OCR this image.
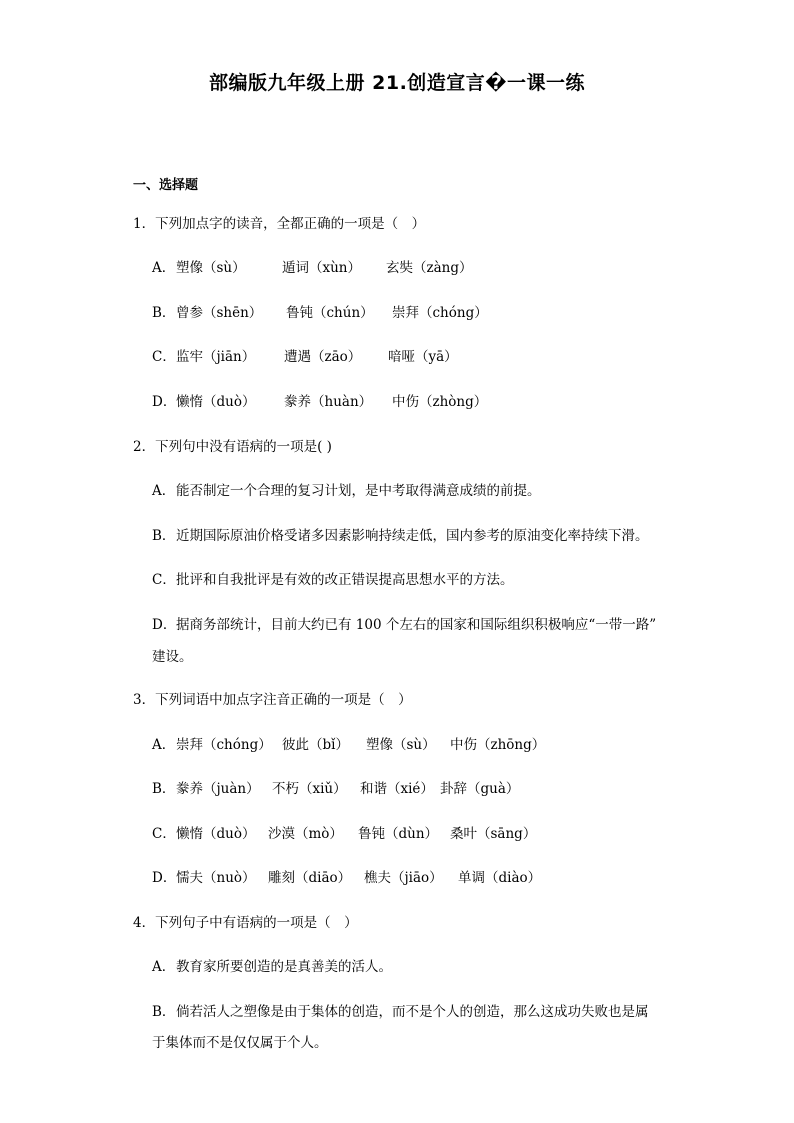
部编版九年级上册 21.创造宣言�一课一练
一、选择题
1．下列加点字的读音，全都正确的一项是（　）
A． 塑像（sù）	遁词（xùn） 玄奘（zàng）
B． 曾参（shēn） 鲁钝（chún） 崇拜（chóng）
C． 监牢（jiān） 遭遇（zāo） 喑哑（yā）
D． 懒惰（duò） 豢养（huàn） 中伤（zhòng）
2．下列句中没有语病的一项是( )
A． 能否制定一个合理的复习计划，是中考取得满意成绩的前提。
B． 近期国际原油价格受诸多因素影响持续走低，国内参考的原油变化率持续下滑。
C． 批评和自我批评是有效的改正错误提高思想水平的方法。
D． 据商务部统计，目前大约已有 100 个左右的国家和国际组织积极响应“一带一路”
建设。
3．下列词语中加点字注音正确的一项是（　）
A． 崇拜（chóng） 彼此（bǐ） 塑像（sù） 中伤（zhōng）
B． 豢养（juàn） 不朽（xiǔ） 和谐（xié） 卦辞（guà）
C． 懒惰（duò） 沙漠（mò） 鲁钝（dùn） 桑叶（sāng）
D． 懦夫（nuò） 雕刻（diāo） 樵夫（jiāo） 单调（diào）
4．下列句子中有语病的一项是（　）
A． 教育家所要创造的是真善美的活人。
B． 倘若活人之塑像是由于集体的创造，而不是个人的创造，那么这成功失败也是属
于集体而不是仅仅属于个人。
